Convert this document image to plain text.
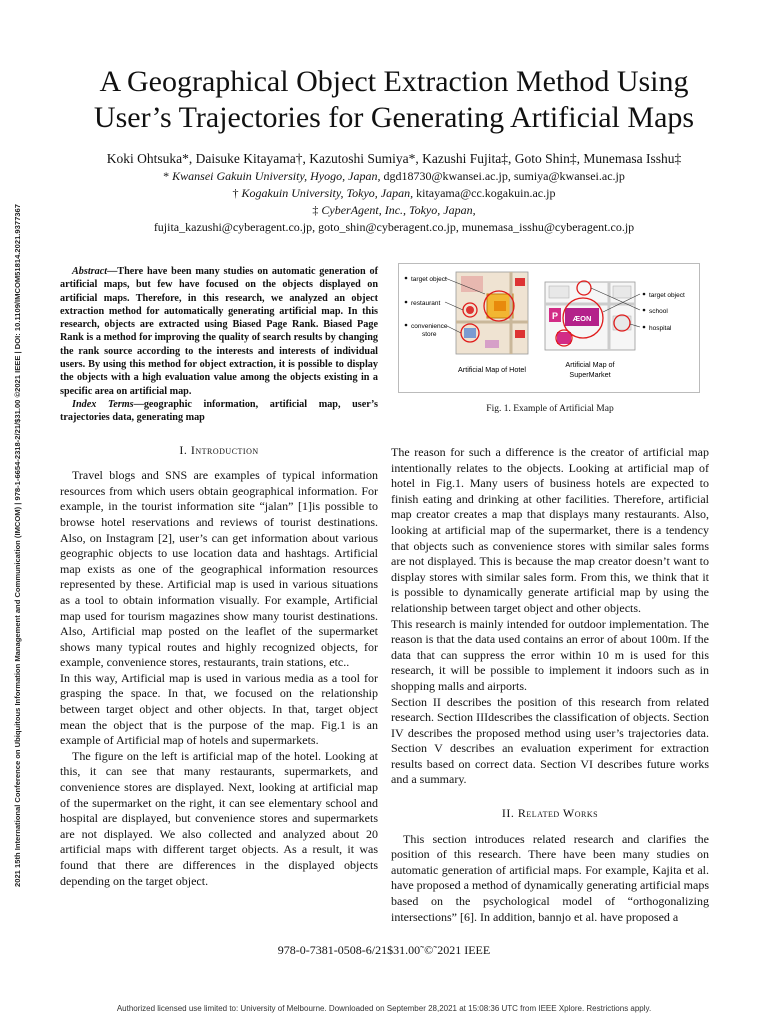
2021 15th International Conference on Ubiquitous Information Management and Communication (IMCOM) | 978-1-6654-2318-2/21/$31.00 ©2021 IEEE | DOI: 10.1109/IMCOM51814.2021.9377367
A Geographical Object Extraction Method Using
User’s Trajectories for Generating Artificial Maps
Koki Ohtsuka*, Daisuke Kitayama†, Kazutoshi Sumiya*, Kazushi Fujita‡, Goto Shin‡, Munemasa Isshu‡
* Kwansei Gakuin University, Hyogo, Japan, dgd18730@kwansei.ac.jp, sumiya@kwansei.ac.jp
† Kogakuin University, Tokyo, Japan, kitayama@cc.kogakuin.ac.jp
‡ CyberAgent, Inc., Tokyo, Japan,
fujita_kazushi@cyberagent.co.jp, goto_shin@cyberagent.co.jp, munemasa_isshu@cyberagent.co.jp

Abstract—There have been many studies on automatic generation of artificial maps, but few have focused on the objects displayed on artificial maps. Therefore, in this research, we analyzed an object extraction method for automatically generating artificial map. In this research, objects are extracted using Biased Page Rank. Biased Page Rank is a method for improving the quality of search results by changing the rank source according to the interests and interests of individual users. By using this method for object extraction, it is possible to display the objects with a high evaluation value among the objects existing in a specific area on artificial map.

Index Terms—geographic information, artificial map, user’s trajectories data, generating map

I. Introduction

Travel blogs and SNS are examples of typical information resources from which users obtain geographical information. For example, in the tourist information site “jalan” [1]is possible to browse hotel reservations and reviews of tourist destinations. Also, on Instagram [2], user’s can get information about various geographic objects to use location data and hashtags. Artificial map exists as one of the geographical information resources represented by these. Artificial map is used in various situations as a tool to obtain information visually. For example, Artificial map used for tourism magazines show many tourist destinations. Also, Artificial map posted on the leaflet of the supermarket shows many typical routes and highly recognized objects, for example, convenience stores, restaurants, train stations, etc..

In this way, Artificial map is used in various media as a tool for grasping the space. In that, we focused on the relationship between target object and other objects. In that, target object mean the object that is the purpose of the map. Fig.1 is an example of Artificial map of hotels and supermarkets.

The figure on the left is artificial map of the hotel. Looking at this, it can see that many restaurants, supermarkets, and convenience stores are displayed. Next, looking at artificial map of the supermarket on the right, it can see elementary school and hospital are displayed, but convenience stores and supermarkets are not displayed. We also collected and analyzed about 20 artificial maps with different target objects. As a result, it was found that there are differences in the displayed objects depending on the target object.

target object
restaurant
convenience
store
Artificial Map of Hotel
P ÆON
target object
school
hospital
Artificial Map of
SuperMarket
Fig. 1. Example of Artificial Map

The reason for such a difference is the creator of artificial map intentionally relates to the objects. Looking at artificial map of hotel in Fig.1. Many users of business hotels are expected to finish eating and drinking at other facilities. Therefore, artificial map creator creates a map that displays many restaurants. Also, looking at artificial map of the supermarket, there is a tendency that objects such as convenience stores with similar sales forms are not displayed. This is because the map creator doesn’t want to display stores with similar sales form. From this, we think that it is possible to dynamically generate artificial map by using the relationship between target object and other objects.

This research is mainly intended for outdoor implementation. The reason is that the data used contains an error of about 100m. If the data that can suppress the error within 10 m is used for this research, it will be possible to implement it indoors such as in shopping malls and airports.

Section II describes the position of this research from related research. Section IIIdescribes the classification of objects. Section IV describes the proposed method using user’s trajectories data. Section V describes an evaluation experiment for extraction results based on correct data. Section VI describes future works and a summary.

II. Related Works

This section introduces related research and clarifies the position of this research. There have been many studies on automatic generation of artificial maps. For example, Kajita et al. have proposed a method of dynamically generating artificial maps based on the psychological model of “orthogonalizing intersections” [6]. In addition, bannjo et al. have proposed a

978-0-7381-0508-6/21$31.00˜©˜2021 IEEE
Authorized licensed use limited to: University of Melbourne. Downloaded on September 28,2021 at 15:08:36 UTC from IEEE Xplore. Restrictions apply.
